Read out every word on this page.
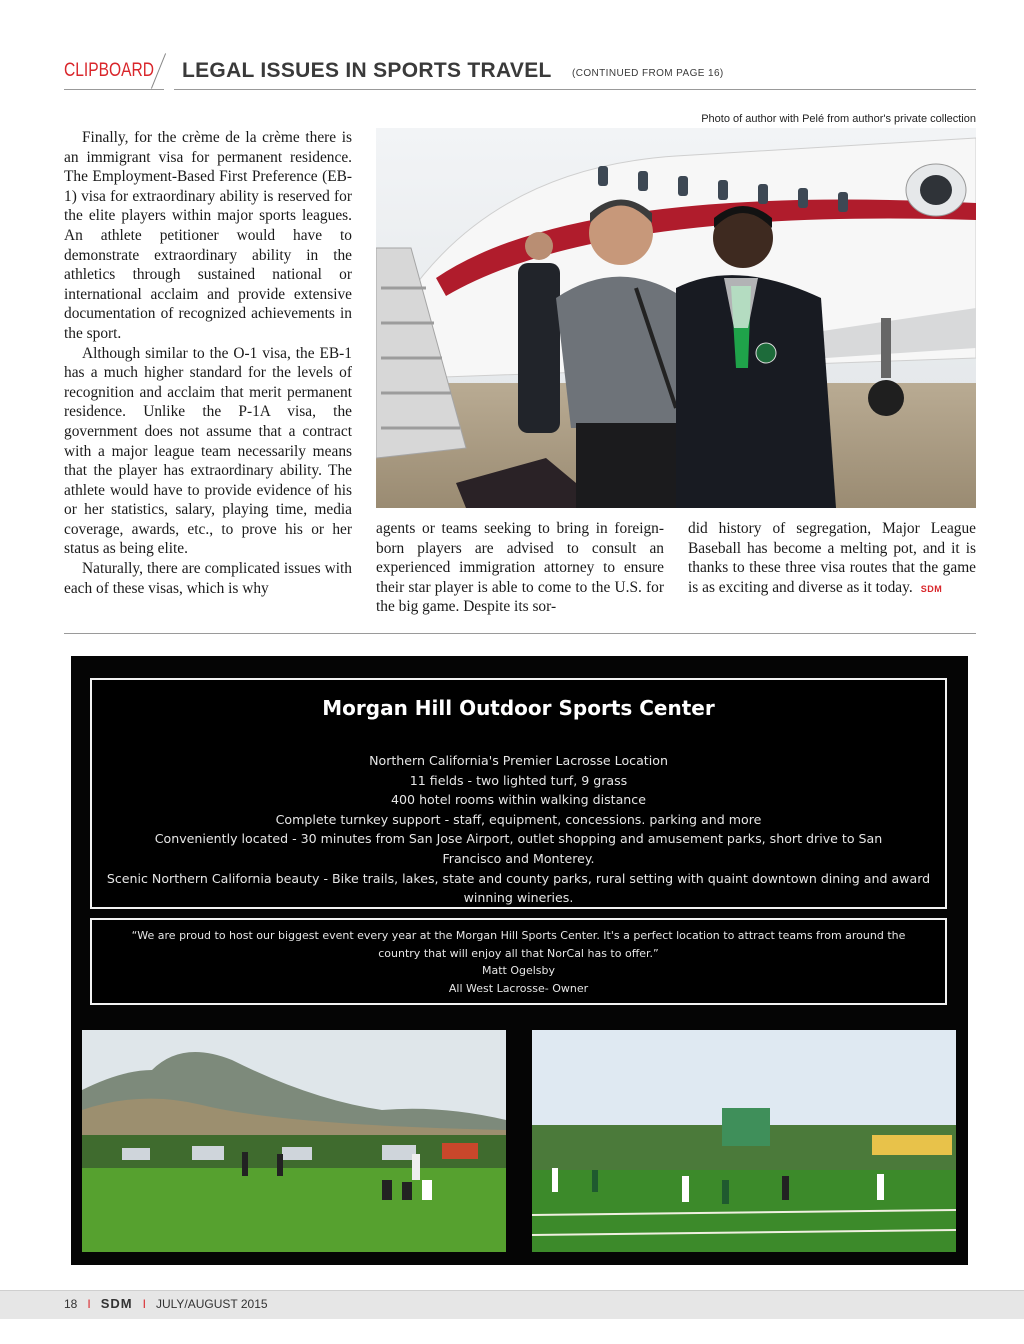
CLIPBOARD LEGAL ISSUES IN SPORTS TRAVEL (CONTINUED FROM PAGE 16)
Photo of author with Pelé from author's private collection

Finally, for the crème de la crème there is an immigrant visa for permanent residence. The Employment-Based First Preference (EB-1) visa for extraordinary ability is reserved for the elite players within major sports leagues. An athlete petitioner would have to demonstrate extraordinary ability in the athletics through sustained national or international acclaim and provide extensive documentation of recognized achievements in the sport.

Although similar to the O-1 visa, the EB-1 has a much higher standard for the levels of recognition and acclaim that merit permanent residence. Unlike the P-1A visa, the government does not assume that a contract with a major league team necessarily means that the player has extraordinary ability. The athlete would have to provide evidence of his or her statistics, salary, playing time, media coverage, awards, etc., to prove his or her status as being elite.

Naturally, there are complicated issues with each of these visas, which is why

agents or teams seeking to bring in foreign-born players are advised to consult an experienced immigration attorney to ensure their star player is able to come to the U.S. for the big game. Despite its sor-

did history of segregation, Major League Baseball has become a melting pot, and it is thanks to these three visa routes that the game is as exciting and diverse as it today. SDM

Morgan Hill Outdoor Sports Center
Northern California's Premier Lacrosse Location
11 fields - two lighted turf, 9 grass
400 hotel rooms within walking distance
Complete turnkey support - staff, equipment, concessions. parking and more
Conveniently located - 30 minutes from San Jose Airport, outlet shopping and amusement parks, short drive to San Francisco and Monterey.
Scenic Northern California beauty - Bike trails, lakes, state and county parks, rural setting with quaint downtown dining and award winning wineries.
“We are proud to host our biggest event every year at the Morgan Hill Sports Center. It's a perfect location to attract teams from around the country that will enjoy all that NorCal has to offer.”
Matt Ogelsby
All West Lacrosse- Owner
18 I SDM I JULY/AUGUST 2015
